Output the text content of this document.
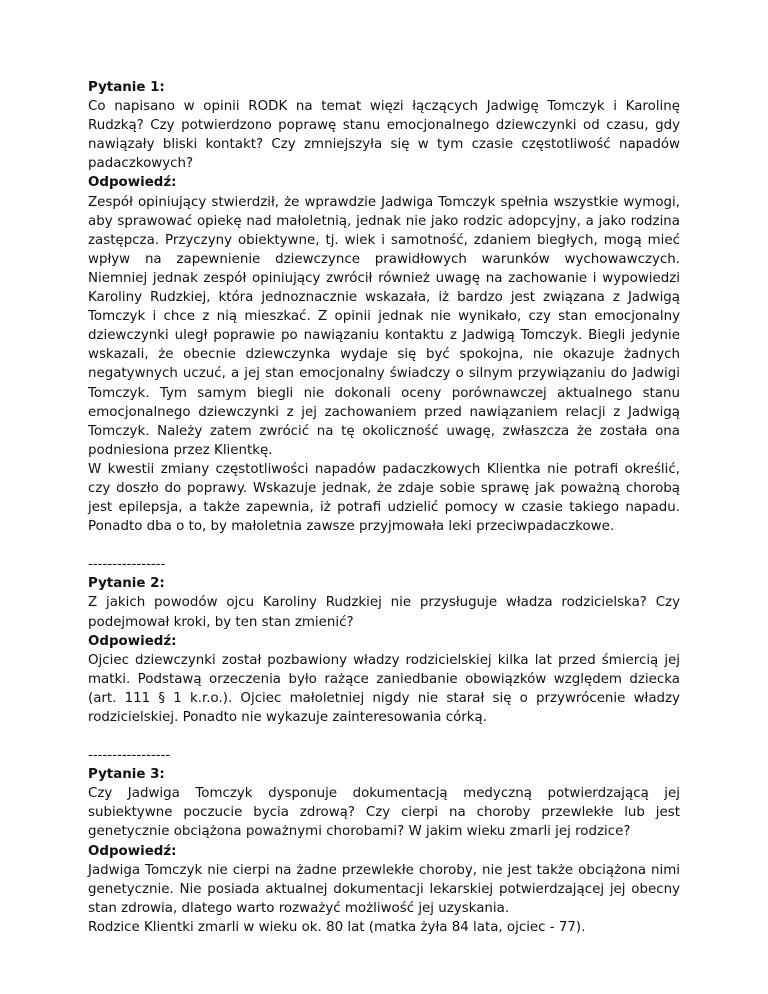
Pytanie 1:

Co napisano w opinii RODK na temat więzi łączących Jadwigę Tomczyk i Karolinę Rudzką? Czy potwierdzono poprawę stanu emocjonalnego dziewczynki od czasu, gdy nawiązały bliski kontakt? Czy zmniejszyła się w tym czasie częstotliwość napadów padaczkowych?

Odpowiedź:

Zespół opiniujący stwierdził, że wprawdzie Jadwiga Tomczyk spełnia wszystkie wymogi, aby sprawować opiekę nad małoletnią, jednak nie jako rodzic adopcyjny, a jako rodzina zastępcza. Przyczyny obiektywne, tj. wiek i samotność, zdaniem biegłych, mogą mieć wpływ na zapewnienie dziewczynce prawidłowych warunków wychowawczych. Niemniej jednak zespół opiniujący zwrócił również uwagę na zachowanie i wypowiedzi Karoliny Rudzkiej, która jednoznacznie wskazała, iż bardzo jest związana z Jadwigą Tomczyk i chce z nią mieszkać. Z opinii jednak nie wynikało, czy stan emocjonalny dziewczynki uległ poprawie po nawiązaniu kontaktu z Jadwigą Tomczyk. Biegli jedynie wskazali, że obecnie dziewczynka wydaje się być spokojna, nie okazuje żadnych negatywnych uczuć, a jej stan emocjonalny świadczy o silnym przywiązaniu do Jadwigi Tomczyk. Tym samym biegli nie dokonali oceny porównawczej aktualnego stanu emocjonalnego dziewczynki z jej zachowaniem przed nawiązaniem relacji z Jadwigą Tomczyk. Należy zatem zwrócić na tę okoliczność uwagę, zwłaszcza że została ona podniesiona przez Klientkę.

W kwestii zmiany częstotliwości napadów padaczkowych Klientka nie potrafi określić, czy doszło do poprawy. Wskazuje jednak, że zdaje sobie sprawę jak poważną chorobą jest epilepsja, a także zapewnia, iż potrafi udzielić pomocy w czasie takiego napadu. Ponadto dba o to, by małoletnia zawsze przyjmowała leki przeciwpadaczkowe.

----------------
Pytanie 2:

Z jakich powodów ojcu Karoliny Rudzkiej nie przysługuje władza rodzicielska? Czy podejmował kroki, by ten stan zmienić?

Odpowiedź:

Ojciec dziewczynki został pozbawiony władzy rodzicielskiej kilka lat przed śmiercią jej matki. Podstawą orzeczenia było rażące zaniedbanie obowiązków względem dziecka (art. 111 § 1 k.r.o.). Ojciec małoletniej nigdy nie starał się o przywrócenie władzy rodzicielskiej. Ponadto nie wykazuje zainteresowania córką.

-----------------
Pytanie 3:

Czy Jadwiga Tomczyk dysponuje dokumentacją medyczną potwierdzającą jej subiektywne poczucie bycia zdrową? Czy cierpi na choroby przewlekłe lub jest genetycznie obciążona poważnymi chorobami? W jakim wieku zmarli jej rodzice?

Odpowiedź:

Jadwiga Tomczyk nie cierpi na żadne przewlekłe choroby, nie jest także obciążona nimi genetycznie. Nie posiada aktualnej dokumentacji lekarskiej potwierdzającej jej obecny stan zdrowia, dlatego warto rozważyć możliwość jej uzyskania.

Rodzice Klientki zmarli w wieku ok. 80 lat (matka żyła 84 lata, ojciec - 77).
